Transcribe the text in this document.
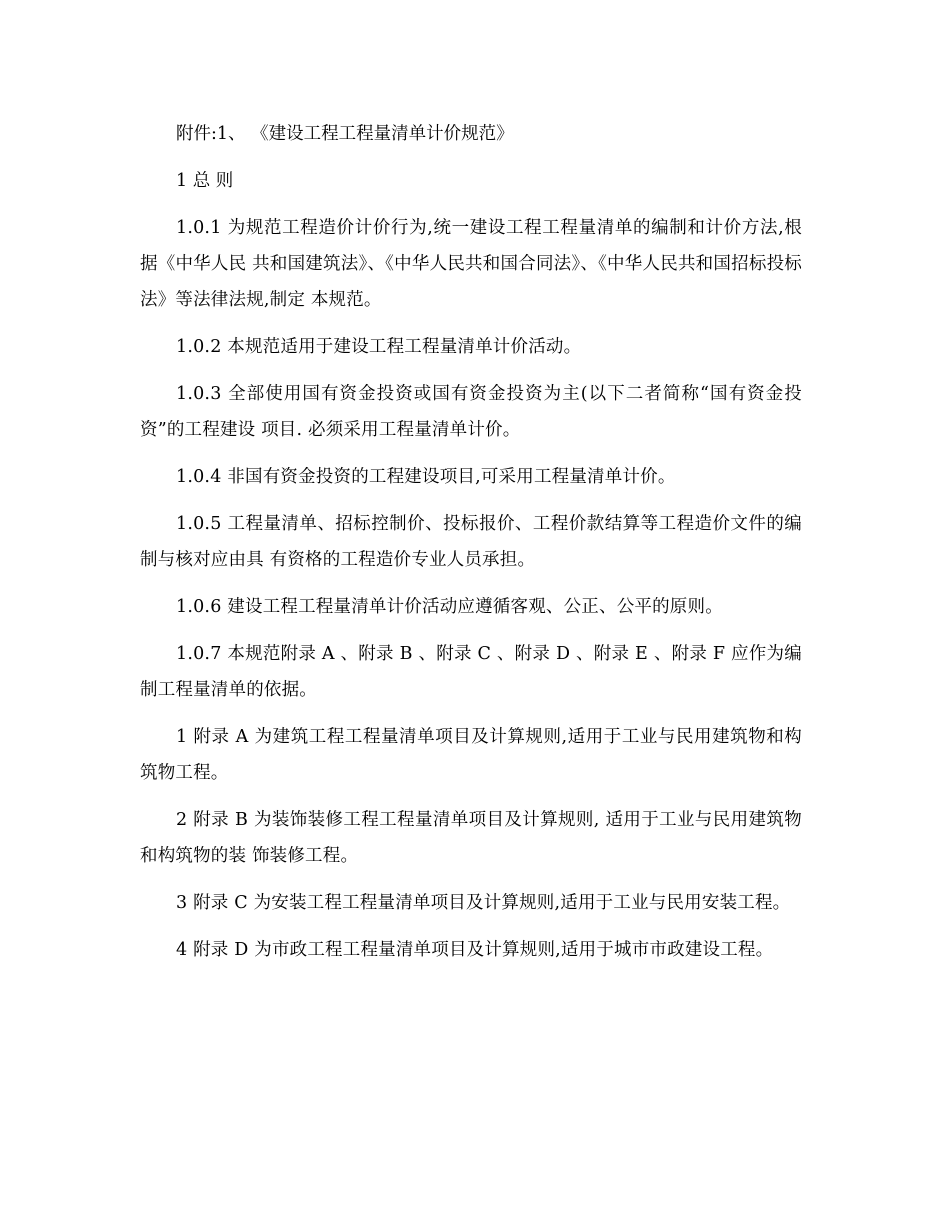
附件:1、 《建设工程工程量清单计价规范》

1 总 则

1.0.1 为规范工程造价计价行为,统一建设工程工程量清单的编制和计价方法,根据《中华人民 共和国建筑法》、《中华人民共和国合同法》、《中华人民共和国招标投标法》等法律法规,制定 本规范。

1.0.2 本规范适用于建设工程工程量清单计价活动。

1.0.3 全部使用国有资金投资或国有资金投资为主(以下二者简称“国有资金投资”的工程建设 项目. 必须采用工程量清单计价。

1.0.4 非国有资金投资的工程建设项目,可采用工程量清单计价。

1.0.5 工程量清单、招标控制价、投标报价、工程价款结算等工程造价文件的编制与核对应由具 有资格的工程造价专业人员承担。

1.0.6 建设工程工程量清单计价活动应遵循客观、公正、公平的原则。

1.0.7 本规范附录 A 、附录 B 、附录 C 、附录 D 、附录 E 、附录 F 应作为编制工程量清单的依据。

1 附录 A 为建筑工程工程量清单项目及计算规则,适用于工业与民用建筑物和构筑物工程。

2 附录 B 为装饰装修工程工程量清单项目及计算规则, 适用于工业与民用建筑物和构筑物的装 饰装修工程。

3 附录 C 为安装工程工程量清单项目及计算规则,适用于工业与民用安装工程。

4 附录 D 为市政工程工程量清单项目及计算规则,适用于城市市政建设工程。
